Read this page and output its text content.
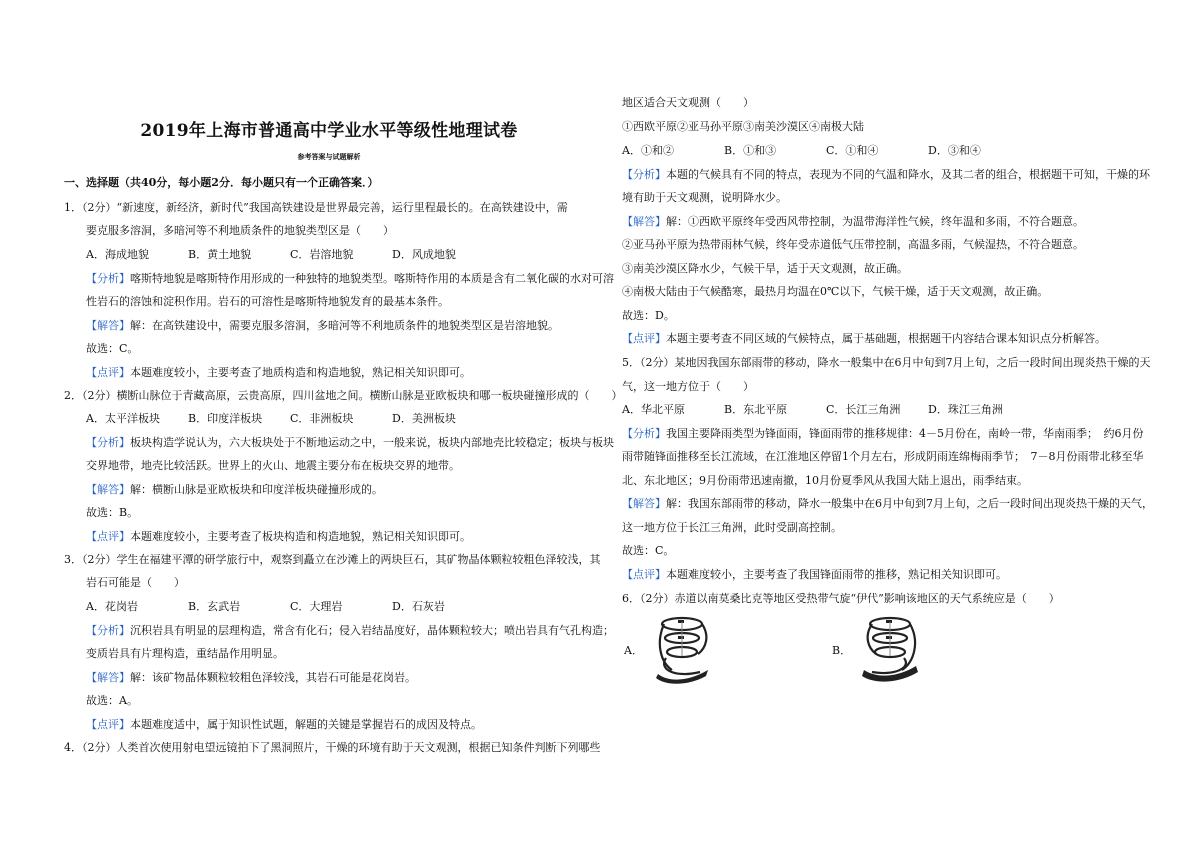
2019年上海市普通高中学业水平等级性地理试卷
参考答案与试题解析
一、选择题（共40分，每小题2分．每小题只有一个正确答案．）
1．（2分）“新速度，新经济，新时代”我国高铁建设是世界最完善，运行里程最长的。在高铁建设中，需
要克服多溶洞，多暗河等不利地质条件的地貌类型区是（　　）
A．海成地貌	B．黄土地貌	C．岩溶地貌	D．风成地貌
【分析】喀斯特地貌是喀斯特作用形成的一种独特的地貌类型。喀斯特作用的本质是含有二氧化碳的水对可溶
性岩石的溶蚀和淀积作用。岩石的可溶性是喀斯特地貌发育的最基本条件。
【解答】解：在高铁建设中，需要克服多溶洞，多暗河等不利地质条件的地貌类型区是岩溶地貌。
故选：C。
【点评】本题难度较小，主要考查了地质构造和构造地貌，熟记相关知识即可。
2．（2分）横断山脉位于青藏高原，云贵高原，四川盆地之间。横断山脉是亚欧板块和哪一板块碰撞形成的（　　）
A．太平洋板块	B．印度洋板块	C．非洲板块	D．美洲板块
【分析】板块构造学说认为，六大板块处于不断地运动之中，一般来说，板块内部地壳比较稳定；板块与板块
交界地带，地壳比较活跃。世界上的火山、地震主要分布在板块交界的地带。
【解答】解：横断山脉是亚欧板块和印度洋板块碰撞形成的。
故选：B。
【点评】本题难度较小，主要考查了板块构造和构造地貌，熟记相关知识即可。
3．（2分）学生在福建平潭的研学旅行中，观察到矗立在沙滩上的两块巨石，其矿物晶体颗粒较粗色泽较浅，其
岩石可能是（　　）
A．花岗岩	B．玄武岩	C．大理岩	D．石灰岩
【分析】沉积岩具有明显的层理构造，常含有化石；侵入岩结晶度好，晶体颗粒较大；喷出岩具有气孔构造；
变质岩具有片理构造，重结晶作用明显。
【解答】解：该矿物晶体颗粒较粗色泽较浅，其岩石可能是花岗岩。
故选：A。
【点评】本题难度适中，属于知识性试题，解题的关键是掌握岩石的成因及特点。
4．（2分）人类首次使用射电望远镜拍下了黑洞照片，干燥的环境有助于天文观测，根据已知条件判断下列哪些
地区适合天文观测（　　）
①西欧平原②亚马孙平原③南美沙漠区④南极大陆
A．①和②	B．①和③	C．①和④	D．③和④
【分析】本题的气候具有不同的特点，表现为不同的气温和降水，及其二者的组合，根据题干可知，干燥的环
境有助于天文观测，说明降水少。
【解答】解：①西欧平原终年受西风带控制，为温带海洋性气候，终年温和多雨，不符合题意。
②亚马孙平原为热带雨林气候，终年受赤道低气压带控制，高温多雨，气候湿热，不符合题意。
③南美沙漠区降水少，气候干旱，适于天文观测，故正确。
④南极大陆由于气候酷寒，最热月均温在0℃以下，气候干燥，适于天文观测，故正确。
故选：D。
【点评】本题主要考查不同区域的气候特点，属于基础题，根据题干内容结合课本知识点分析解答。
5．（2分）某地因我国东部雨带的移动，降水一般集中在6月中旬到7月上旬，之后一段时间出现炎热干燥的天
气，这一地方位于（　　）
A．华北平原	B．东北平原	C．长江三角洲	D．珠江三角洲
【分析】我国主要降雨类型为锋面雨，锋面雨带的推移规律：4－5月份在，南岭一带，华南雨季；　约6月份
雨带随锋面推移至长江流域，在江淮地区停留1个月左右，形成阴雨连绵梅雨季节；　7－8月份雨带北移至华
北、东北地区；9月份雨带迅速南撤，10月份夏季风从我国大陆上退出，雨季结束。
【解答】解：我国东部雨带的移动，降水一般集中在6月中旬到7月上旬，之后一段时间出现炎热干燥的天气，
这一地方位于长江三角洲，此时受副高控制。
故选：C。
【点评】本题难度较小，主要考查了我国锋面雨带的推移，熟记相关知识即可。
6．（2分）赤道以南莫桑比克等地区受热带气旋“伊代”影响该地区的天气系统应是（　　）
A．	B．
